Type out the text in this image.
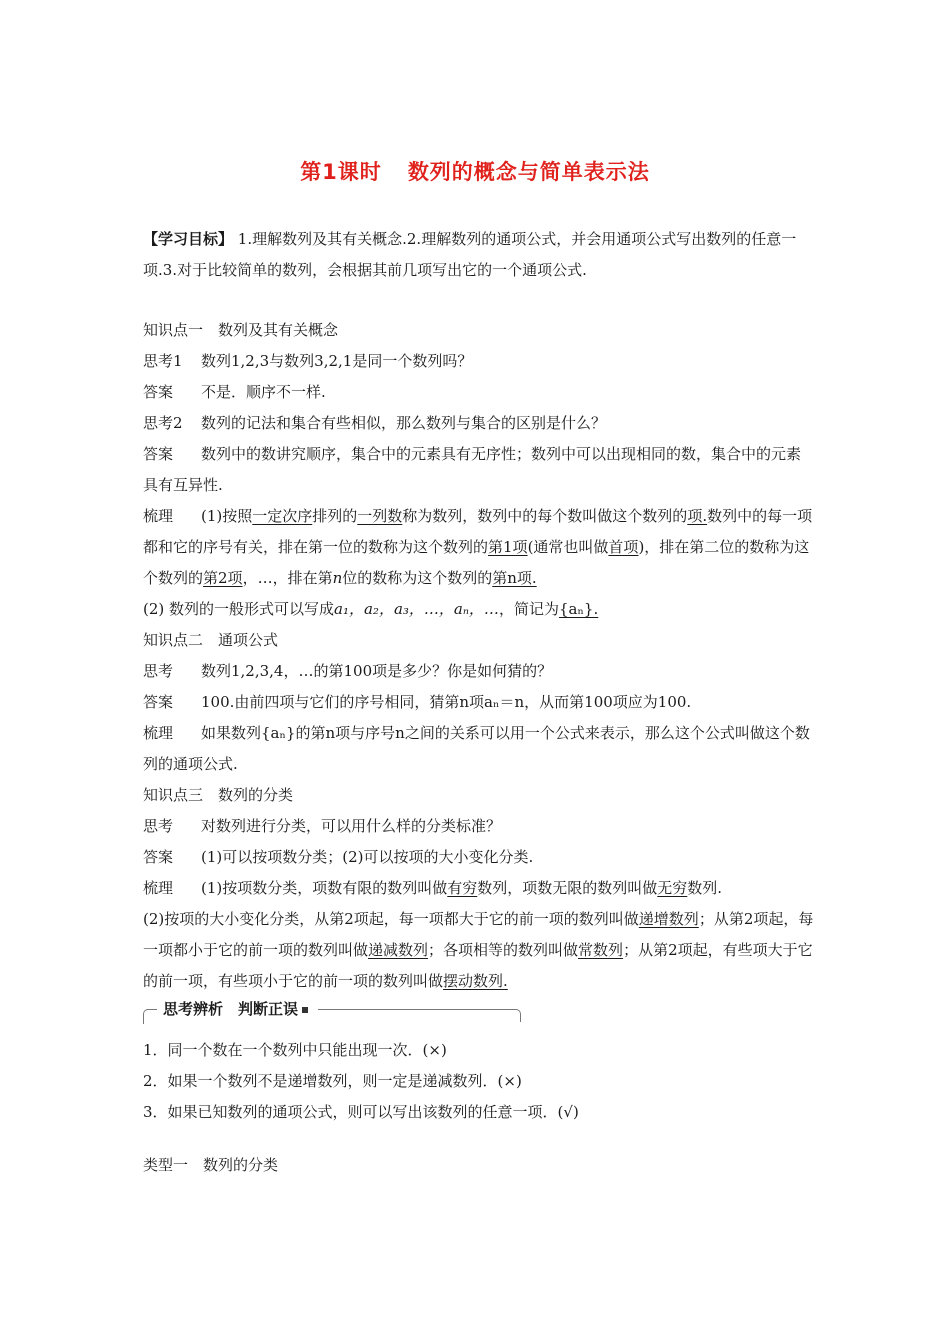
第1课时 数列的概念与简单表示法

【学习目标】 1.理解数列及其有关概念.2.理解数列的通项公式，并会用通项公式写出数列的任意一项.3.对于比较简单的数列，会根据其前几项写出它的一个通项公式.

知识点一　数列及其有关概念

思考1 数列1,2,3与数列3,2,1是同一个数列吗？

答案 不是．顺序不一样.

思考2 数列的记法和集合有些相似，那么数列与集合的区别是什么？

答案 数列中的数讲究顺序，集合中的元素具有无序性；数列中可以出现相同的数，集合中的元素具有互异性.

梳理 (1)按照一定次序排列的一列数称为数列，数列中的每个数叫做这个数列的项.数列中的每一项都和它的序号有关，排在第一位的数称为这个数列的第1项(通常也叫做首项)，排在第二位的数称为这个数列的第2项，…，排在第n位的数称为这个数列的第n项.

(2) 数列的一般形式可以写成a₁，a₂，a₃，…，aₙ，…，简记为{aₙ}.

知识点二　通项公式

思考 数列1,2,3,4，…的第100项是多少？你是如何猜的？

答案 100.由前四项与它们的序号相同，猜第n项aₙ＝n，从而第100项应为100.

梳理 如果数列{aₙ}的第n项与序号n之间的关系可以用一个公式来表示，那么这个公式叫做这个数列的通项公式.

知识点三　数列的分类

思考 对数列进行分类，可以用什么样的分类标准？

答案 (1)可以按项数分类；(2)可以按项的大小变化分类.

梳理 (1)按项数分类，项数有限的数列叫做有穷数列，项数无限的数列叫做无穷数列.

(2)按项的大小变化分类，从第2项起，每一项都大于它的前一项的数列叫做递增数列；从第2项起，每一项都小于它的前一项的数列叫做递减数列；各项相等的数列叫做常数列；从第2项起，有些项大于它的前一项，有些项小于它的前一项的数列叫做摆动数列.

思考辨析　判断正误

1．同一个数在一个数列中只能出现一次．(×)

2．如果一个数列不是递增数列，则一定是递减数列．(×)

3．如果已知数列的通项公式，则可以写出该数列的任意一项．(√)

类型一　数列的分类
